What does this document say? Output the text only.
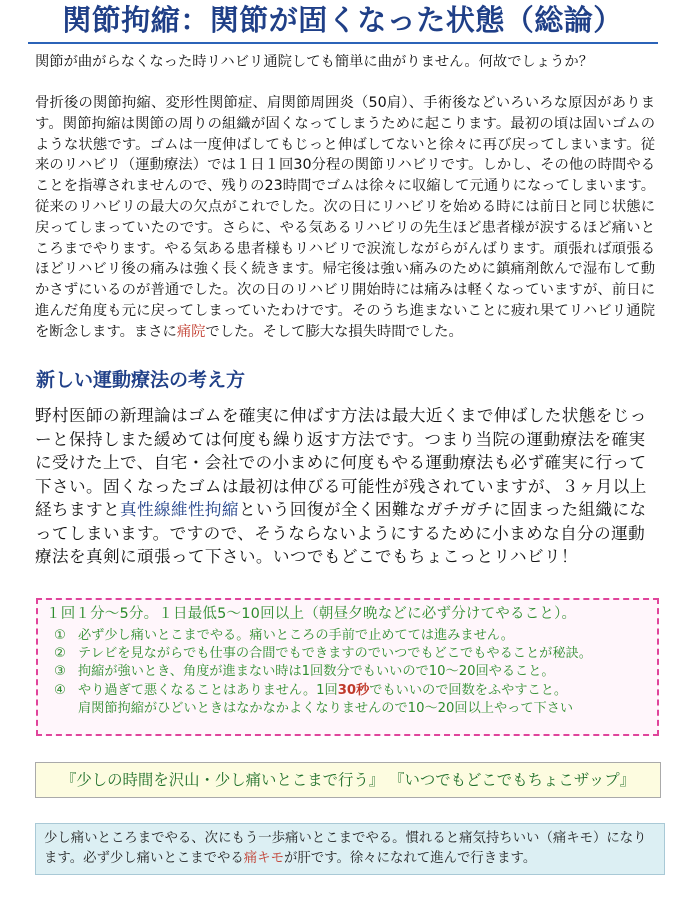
関節拘縮：関節が固くなった状態（総論）
関節が曲がらなくなった時リハビリ通院しても簡単に曲がりません。何故でしょうか？
骨折後の関節拘縮、変形性関節症、肩関節周囲炎（50肩）、手術後などいろいろな原因があります。関節拘縮は関節の周りの組織が固くなってしまうために起こります。最初の頃は固いゴムのような状態です。ゴムは一度伸ばしてもじっと伸ばしてないと徐々に再び戻ってしまいます。従来のリハビリ（運動療法）では１日１回30分程の関節リハビリです。しかし、その他の時間やることを指導されませんので、残りの23時間でゴムは徐々に収縮して元通りになってしまいます。従来のリハビリの最大の欠点がこれでした。次の日にリハビリを始める時には前日と同じ状態に戻ってしまっていたのです。さらに、やる気あるリハビリの先生ほど患者様が涙するほど痛いところまでやります。やる気ある患者様もリハビリで涙流しながらがんばります。頑張れば頑張るほどリハビリ後の痛みは強く長く続きます。帰宅後は強い痛みのために鎮痛剤飲んで湿布して動かさずにいるのが普通でした。次の日のリハビリ開始時には痛みは軽くなっていますが、前日に進んだ角度も元に戻ってしまっていたわけです。そのうち進まないことに疲れ果てリハビリ通院を断念します。まさに痛院でした。そして膨大な損失時間でした。
新しい運動療法の考え方
野村医師の新理論はゴムを確実に伸ばす方法は最大近くまで伸ばした状態をじっーと保持しまた緩めては何度も繰り返す方法です。つまり当院の運動療法を確実に受けた上で、自宅・会社での小まめに何度もやる運動療法も必ず確実に行って下さい。固くなったゴムは最初は伸びる可能性が残されていますが、３ヶ月以上経ちますと真性線維性拘縮という回復が全く困難なガチガチに固まった組織になってしまいます。ですので、そうならないようにするために小まめな自分の運動療法を真剣に頑張って下さい。いつでもどこでもちょこっとリハビリ！
１回１分～5分。１日最低5～10回以上（朝昼夕晩などに必ず分けてやること）。
① 必ず少し痛いとこまでやる。痛いところの手前で止めてては進みません。
② テレビを見ながらでも仕事の合間でもできますのでいつでもどこでもやることが秘訣。
③ 拘縮が強いとき、角度が進まない時は1回数分でもいいので10～20回やること。
④ やり過ぎて悪くなることはありません。1回30秒でもいいので回数をふやすこと。
肩関節拘縮がひどいときはなかなかよくなりませんので10～20回以上やって下さい
『少しの時間を沢山・少し痛いとこまで行う』 『いつでもどこでもちょこザップ』
少し痛いところまでやる、次にもう一歩痛いとこまでやる。慣れると痛気持ちいい（痛キモ）になります。必ず少し痛いとこまでやる痛キモが肝です。徐々になれて進んで行きます。
